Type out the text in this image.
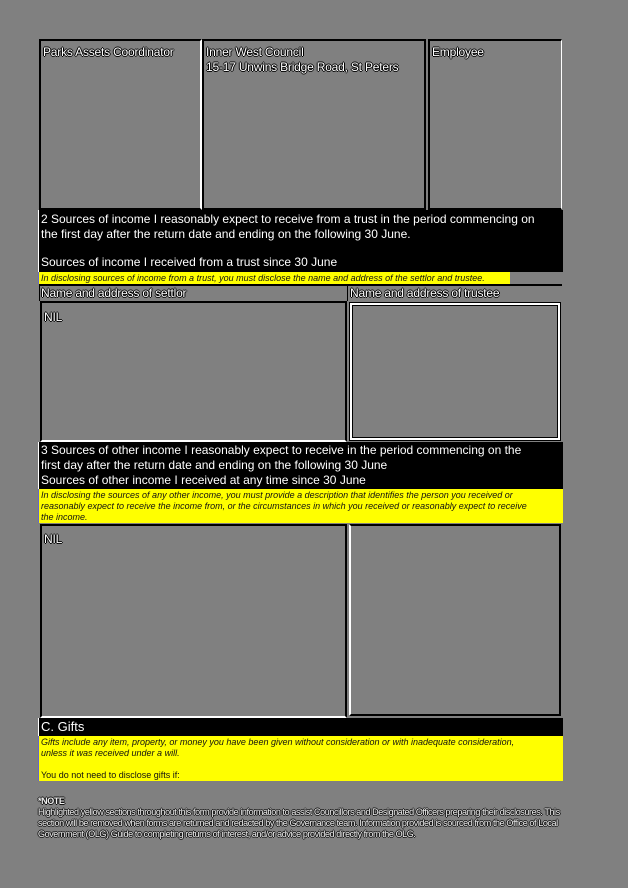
Parks Assets Coordinator	Inner West Council
15-17 Unwins Bridge Road, St Peters
Employee
2 Sources of income I reasonably expect to receive from a trust in the period commencing on
the first day after the return date and ending on the following 30 June.
Sources of income I received from a trust since 30 June
In disclosing sources of income from a trust, you must disclose the name and address of the settlor and trustee.
Name and address of settlor	Name and address of trustee
NIL
3 Sources of other income I reasonably expect to receive in the period commencing on the
first day after the return date and ending on the following 30 June
Sources of other income I received at any time since 30 June
In disclosing the sources of any other income, you must provide a description that identifies the person you received or
reasonably expect to receive the income from, or the circumstances in which you received or reasonably expect to receive
the income.
NIL
C. Gifts
Gifts include any item, property, or money you have been given without consideration or with inadequate consideration,
unless it was received under a will.
You do not need to disclose gifts if:
*NOTE
Highlighted yellow sections throughout this form provide information to assist Councillors and Designated Officers preparing their disclosures. This section will be removed when forms are returned and redacted by the Governance team. Information provided is sourced from the Office of Local Government (OLG) Guide to completing returns of interest, and/or advice provided directly from the OLG.
